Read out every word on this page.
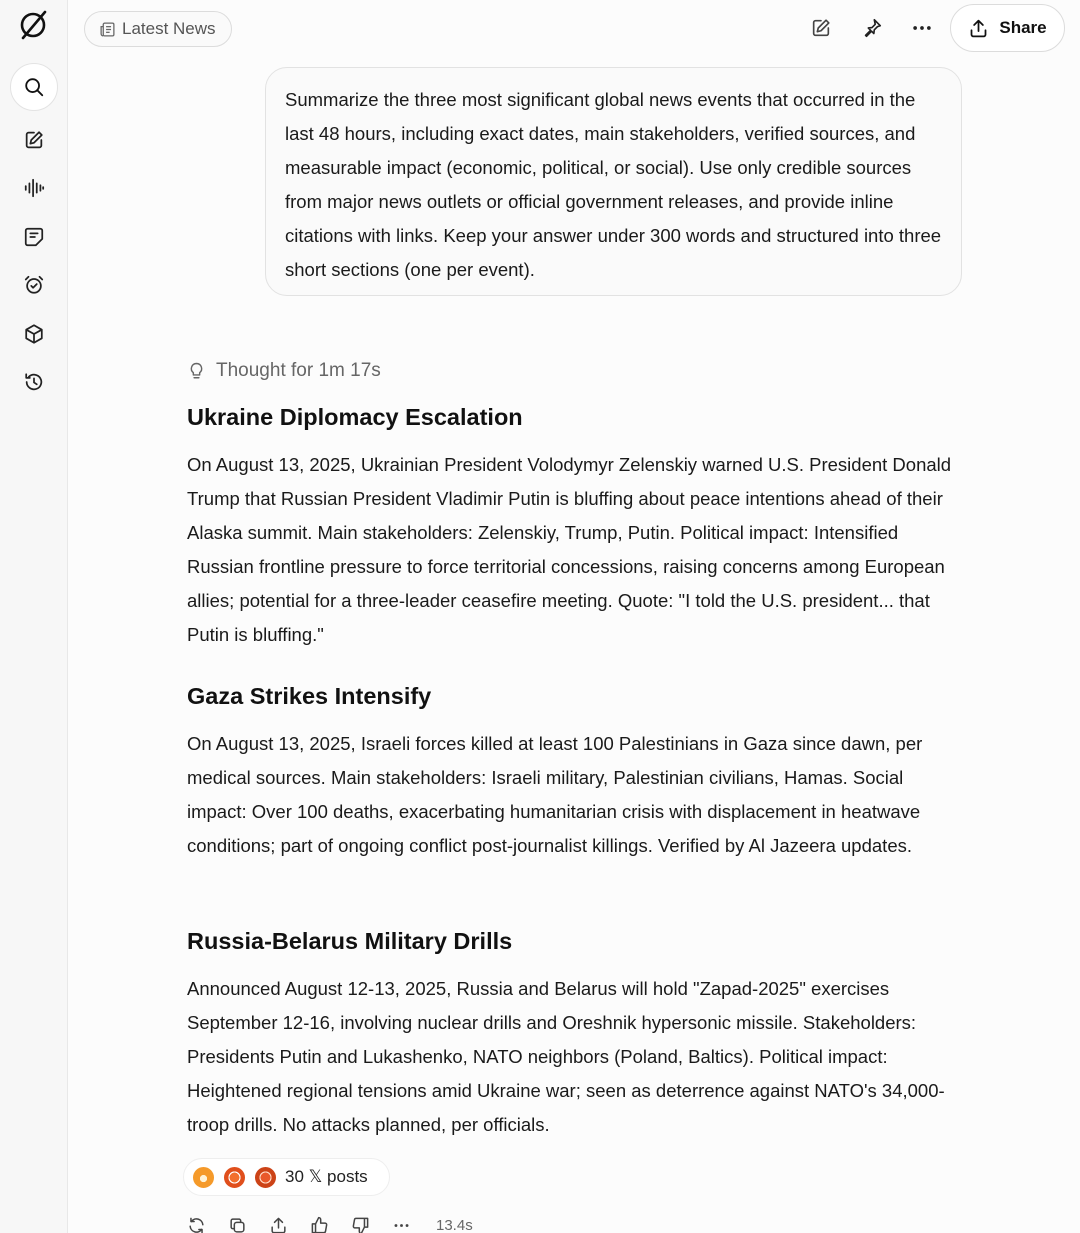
Latest News	Share
Summarize the three most significant global news events that occurred in the last 48 hours, including exact dates, main stakeholders, verified sources, and measurable impact (economic, political, or social). Use only credible sources from major news outlets or official government releases, and provide inline citations with links. Keep your answer under 300 words and structured into three short sections (one per event).
Thought for 1m 17s
Ukraine Diplomacy Escalation
On August 13, 2025, Ukrainian President Volodymyr Zelenskiy warned U.S. President Donald Trump that Russian President Vladimir Putin is bluffing about peace intentions ahead of their Alaska summit. Main stakeholders: Zelenskiy, Trump, Putin. Political impact: Intensified Russian frontline pressure to force territorial concessions, raising concerns among European allies; potential for a three-leader ceasefire meeting. Quote: "I told the U.S. president... that Putin is bluffing."
Gaza Strikes Intensify
On August 13, 2025, Israeli forces killed at least 100 Palestinians in Gaza since dawn, per medical sources. Main stakeholders: Israeli military, Palestinian civilians, Hamas. Social impact: Over 100 deaths, exacerbating humanitarian crisis with displacement in heatwave conditions; part of ongoing conflict post-journalist killings. Verified by Al Jazeera updates.
Russia-Belarus Military Drills
Announced August 12-13, 2025, Russia and Belarus will hold "Zapad-2025" exercises September 12-16, involving nuclear drills and Oreshnik hypersonic missile. Stakeholders: Presidents Putin and Lukashenko, NATO neighbors (Poland, Baltics). Political impact: Heightened regional tensions amid Ukraine war; seen as deterrence against NATO's 34,000-troop drills. No attacks planned, per officials.
30 𝕏 posts
13.4s
